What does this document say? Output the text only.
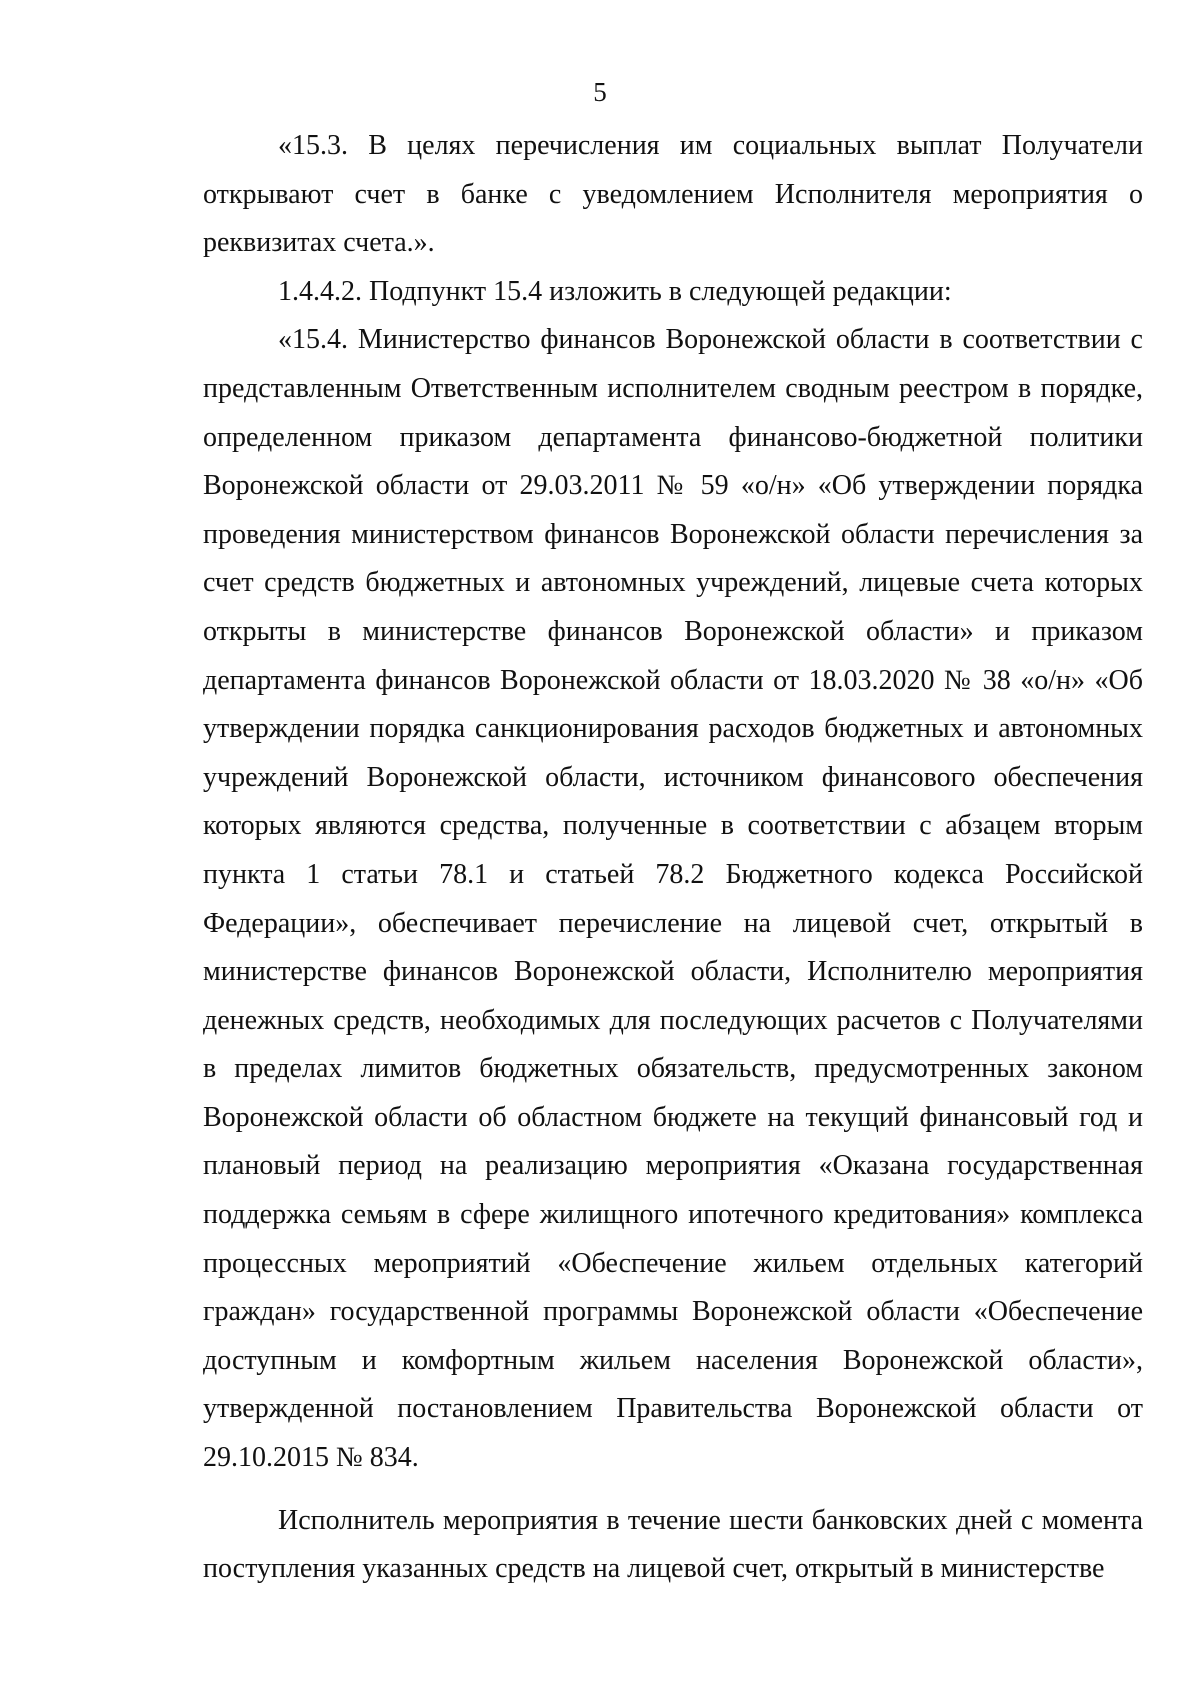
5

«15.3. В целях перечисления им социальных выплат Получатели открывают счет в банке с уведомлением Исполнителя мероприятия о реквизитах счета.».

1.4.4.2. Подпункт 15.4 изложить в следующей редакции:

«15.4. Министерство финансов Воронежской области в соответствии с представленным Ответственным исполнителем сводным реестром в порядке, определенном приказом департамента финансово-бюджетной политики Воронежской области от 29.03.2011 № 59 «о/н» «Об утверждении порядка проведения министерством финансов Воронежской области перечисления за счет средств бюджетных и автономных учреждений, лицевые счета которых открыты в министерстве финансов Воронежской области» и приказом департамента финансов Воронежской области от 18.03.2020 № 38 «о/н» «Об утверждении порядка санкционирования расходов бюджетных и автономных учреждений Воронежской области, источником финансового обеспечения которых являются средства, полученные в соответствии с абзацем вторым пункта 1 статьи 78.1 и статьей 78.2 Бюджетного кодекса Российской Федерации», обеспечивает перечисление на лицевой счет, открытый в министерстве финансов Воронежской области, Исполнителю мероприятия денежных средств, необходимых для последующих расчетов с Получателями в пределах лимитов бюджетных обязательств, предусмотренных законом Воронежской области об областном бюджете на текущий финансовый год и плановый период на реализацию мероприятия «Оказана государственная поддержка семьям в сфере жилищного ипотечного кредитования» комплекса процессных мероприятий «Обеспечение жильем отдельных категорий граждан» государственной программы Воронежской области «Обеспечение доступным и комфортным жильем населения Воронежской области», утвержденной постановлением Правительства Воронежской области от 29.10.2015 № 834.

Исполнитель мероприятия в течение шести банковских дней с момента поступления указанных средств на лицевой счет, открытый в министерстве
